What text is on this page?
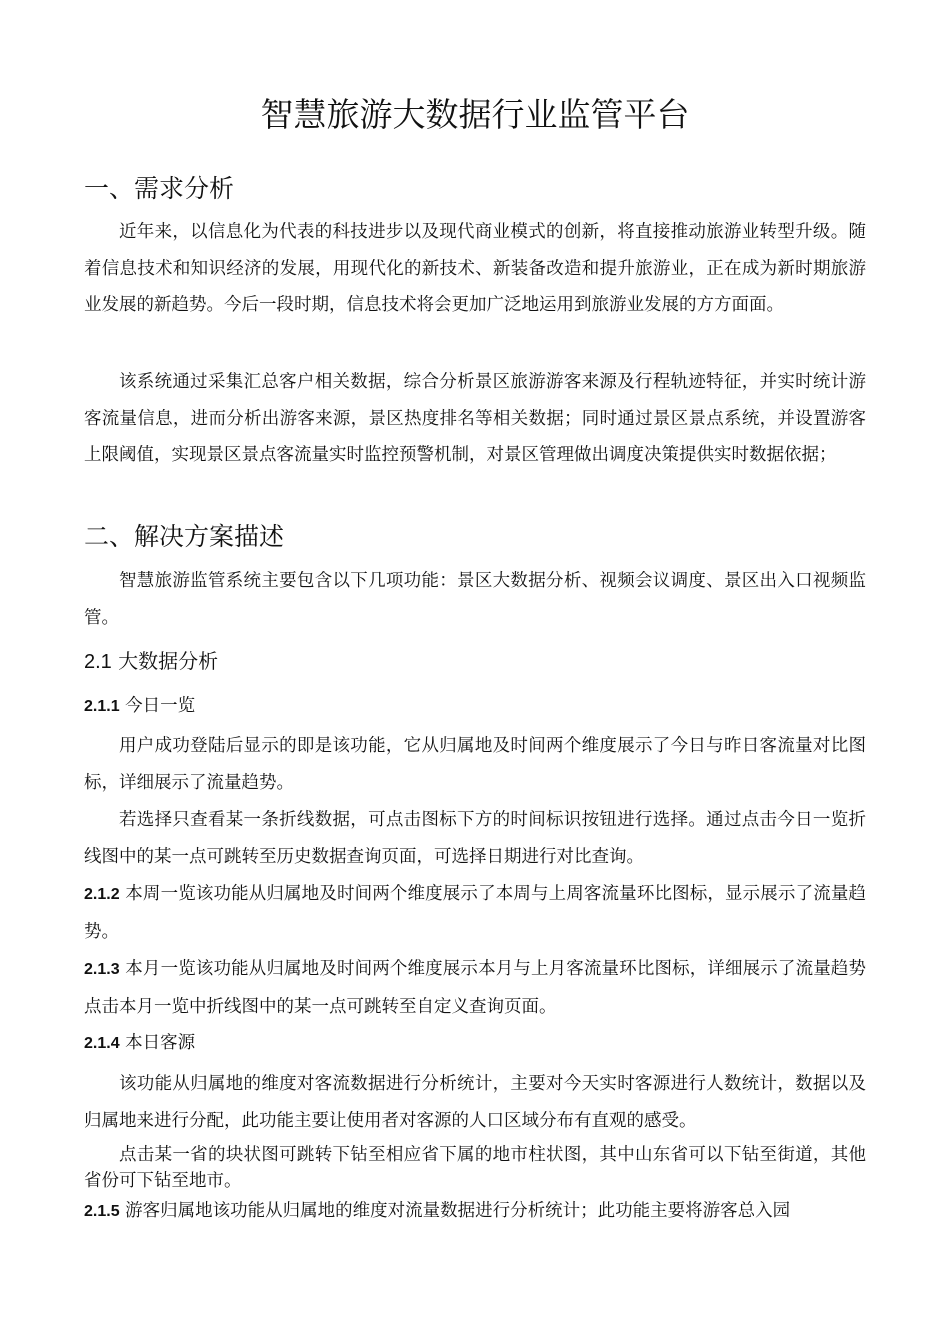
智慧旅游大数据行业监管平台
一、需求分析

近年来，以信息化为代表的科技进步以及现代商业模式的创新，将直接推动旅游业转型升级。随着信息技术和知识经济的发展，用现代化的新技术、新装备改造和提升旅游业，正在成为新时期旅游业发展的新趋势。今后一段时期，信息技术将会更加广泛地运用到旅游业发展的方方面面。

该系统通过采集汇总客户相关数据，综合分析景区旅游游客来源及行程轨迹特征，并实时统计游客流量信息，进而分析出游客来源，景区热度排名等相关数据；同时通过景区景点系统，并设置游客上限阈值，实现景区景点客流量实时监控预警机制，对景区管理做出调度决策提供实时数据依据；

二、解决方案描述

智慧旅游监管系统主要包含以下几项功能：景区大数据分析、视频会议调度、景区出入口视频监管。

2.1 大数据分析
2.1.1 今日一览

用户成功登陆后显示的即是该功能，它从归属地及时间两个维度展示了今日与昨日客流量对比图标，详细展示了流量趋势。

若选择只查看某一条折线数据，可点击图标下方的时间标识按钮进行选择。通过点击今日一览折线图中的某一点可跳转至历史数据查询页面，可选择日期进行对比查询。

2.1.2 本周一览该功能从归属地及时间两个维度展示了本周与上周客流量环比图标，显示展示了流量趋势。

2.1.3 本月一览该功能从归属地及时间两个维度展示本月与上月客流量环比图标，详细展示了流量趋势点击本月一览中折线图中的某一点可跳转至自定义查询页面。

2.1.4 本日客源

该功能从归属地的维度对客流数据进行分析统计，主要对今天实时客源进行人数统计，数据以及归属地来进行分配，此功能主要让使用者对客源的人口区域分布有直观的感受。

点击某一省的块状图可跳转下钻至相应省下属的地市柱状图，其中山东省可以下钻至街道，其他省份可下钻至地市。

2.1.5 游客归属地该功能从归属地的维度对流量数据进行分析统计；此功能主要将游客总入园
